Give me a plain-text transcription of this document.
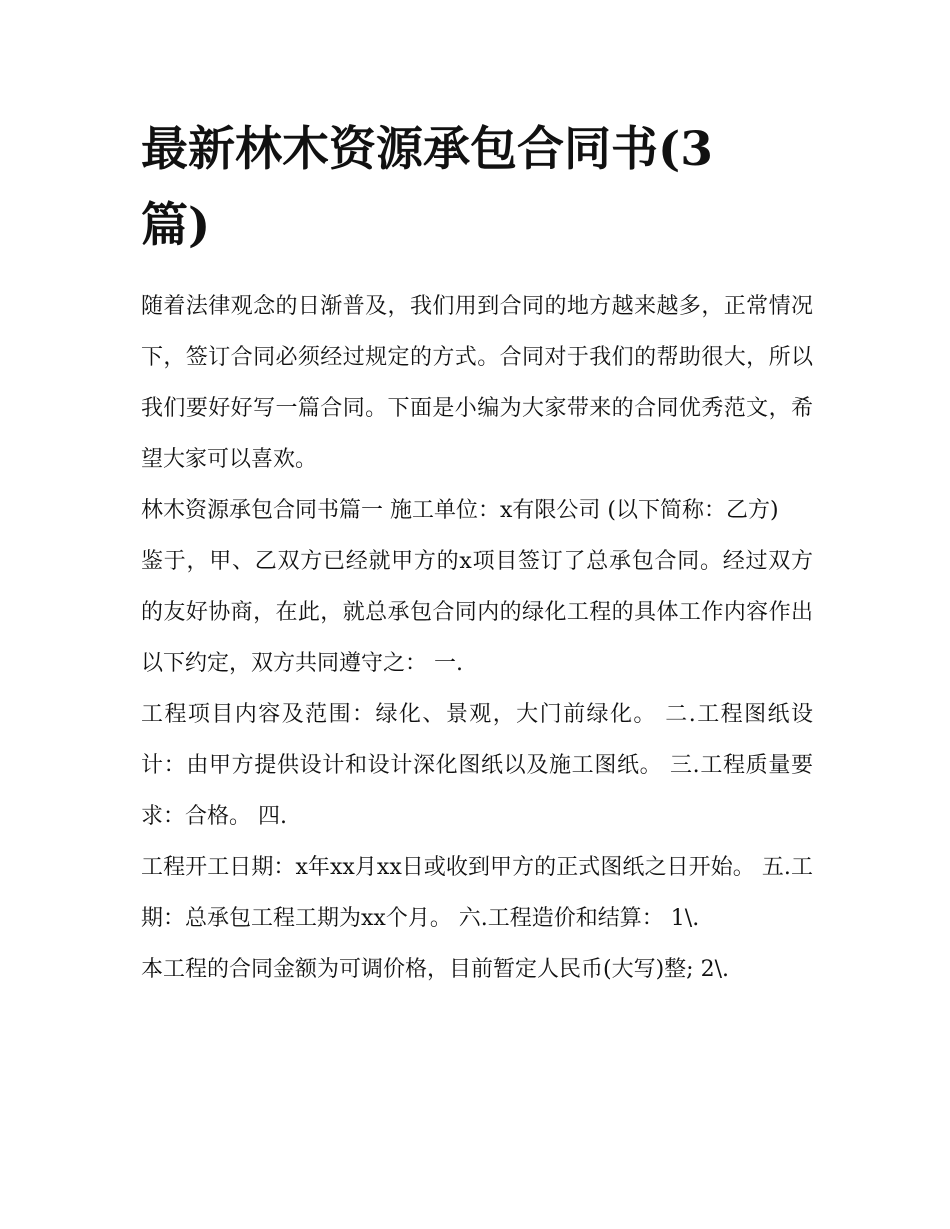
最新林木资源承包合同书(3篇)

随着法律观念的日渐普及，我们用到合同的地方越来越多，正常情况下，签订合同必须经过规定的方式。合同对于我们的帮助很大，所以我们要好好写一篇合同。下面是小编为大家带来的合同优秀范文，希望大家可以喜欢。

林木资源承包合同书篇一 施工单位：x有限公司 (以下简称：乙方)

鉴于，甲、乙双方已经就甲方的x项目签订了总承包合同。经过双方的友好协商，在此，就总承包合同内的绿化工程的具体工作内容作出以下约定，双方共同遵守之： 一.

工程项目内容及范围：绿化、景观，大门前绿化。 二.工程图纸设计：由甲方提供设计和设计深化图纸以及施工图纸。 三.工程质量要求：合格。 四.

工程开工日期：x年xx月xx日或收到甲方的正式图纸之日开始。 五.工期：总承包工程工期为xx个月。 六.工程造价和结算： 1\.

本工程的合同金额为可调价格，目前暂定人民币(大写)整; 2\.
